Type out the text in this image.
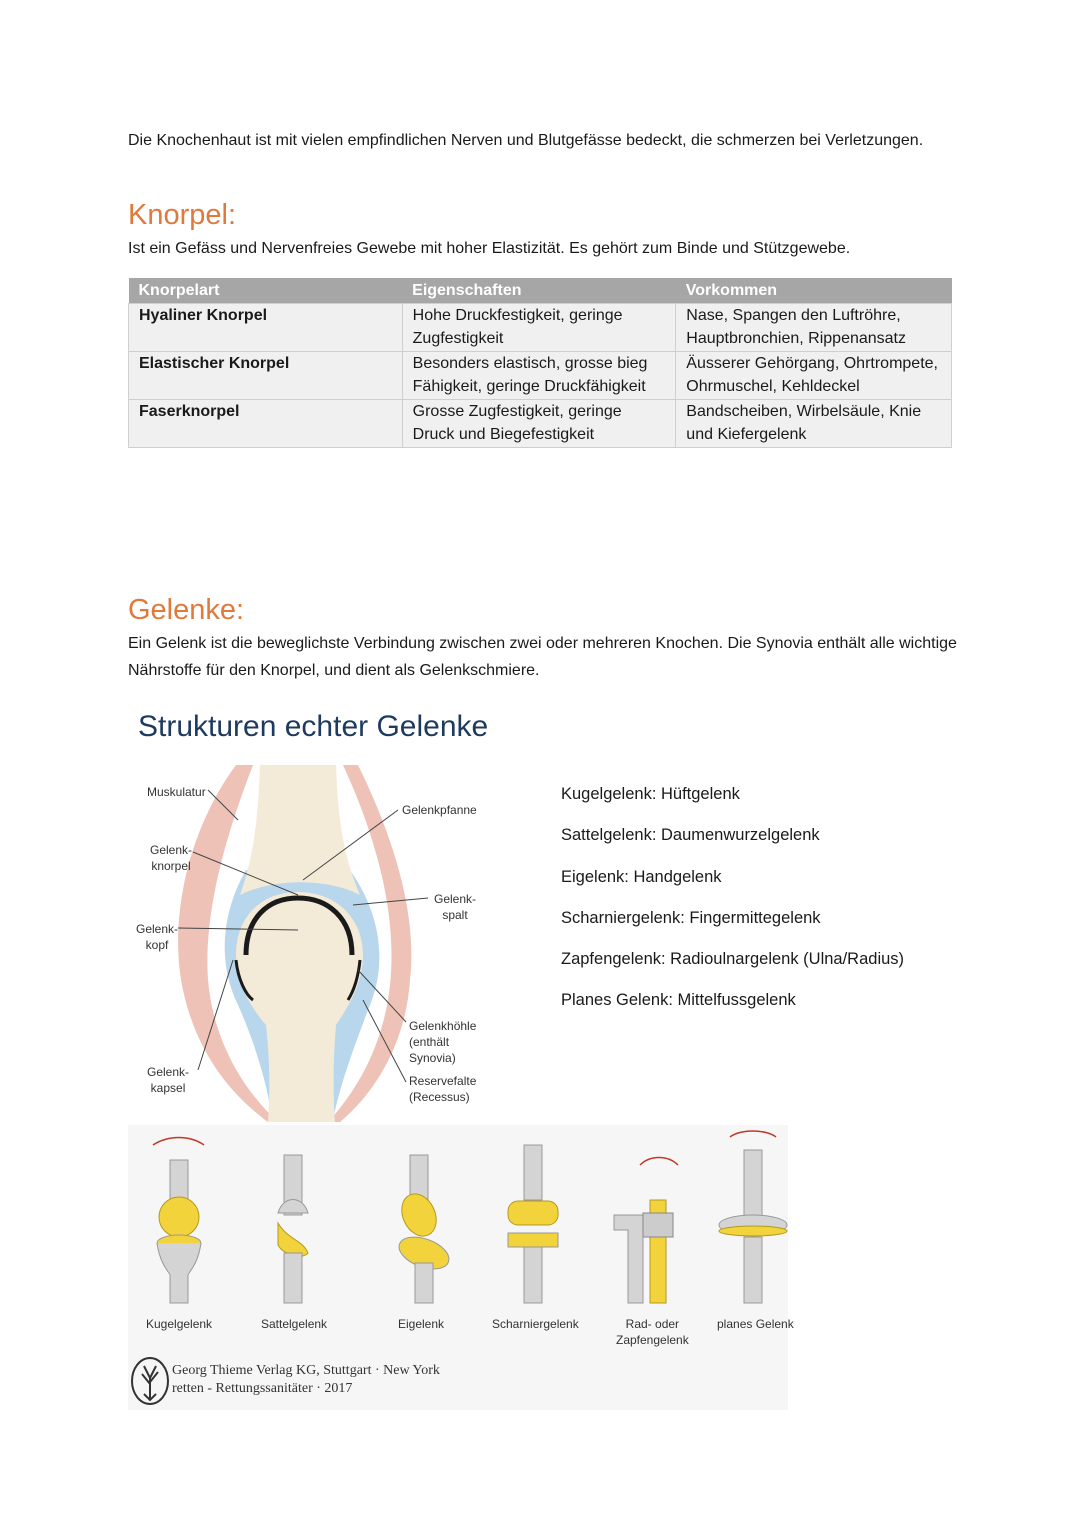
Die Knochenhaut ist mit vielen empfindlichen Nerven und Blutgefässe bedeckt, die schmerzen bei Verletzungen.
Knorpel:
Ist ein Gefäss und Nervenfreies Gewebe mit hoher Elastizität. Es gehört zum Binde und Stützgewebe.
Knorpelart	Eigenschaften	Vorkommen
Hyaliner Knorpel	Hohe Druckfestigkeit, geringe Zugfestigkeit	Nase, Spangen den Luftröhre, Hauptbronchien, Rippenansatz
Elastischer Knorpel	Besonders elastisch, grosse bieg Fähigkeit, geringe Druckfähigkeit	Äusserer Gehörgang, Ohrtrompete, Ohrmuschel, Kehldeckel
Faserknorpel	Grosse Zugfestigkeit, geringe Druck und Biegefestigkeit	Bandscheiben, Wirbelsäule, Knie und Kiefergelenk
Gelenke:
Ein Gelenk ist die beweglichste Verbindung zwischen zwei oder mehreren Knochen. Die Synovia enthält alle wichtige Nährstoffe für den Knorpel, und dient als Gelenkschmiere.
Strukturen echter Gelenke
Muskulatur
Gelenkpfanne
Gelenk-
knorpel
Gelenk-
spalt
Gelenk-
kopf
Gelenkhöhle
(enthält
Synovia)
Reservefalte
(Recessus)
Gelenk-
kapsel
Kugelgelenk: Hüftgelenk
Sattelgelenk: Daumenwurzelgelenk
Eigelenk: Handgelenk
Scharniergelenk: Fingermittegelenk
Zapfengelenk: Radioulnargelenk (Ulna/Radius)
Planes Gelenk: Mittelfussgelenk
Kugelgelenk	Sattelgelenk	Eigelenk	Scharniergelenk	Rad- oder
Zapfengelenk
planes Gelenk
Georg Thieme Verlag KG, Stuttgart · New York
retten - Rettungssanitäter · 2017
